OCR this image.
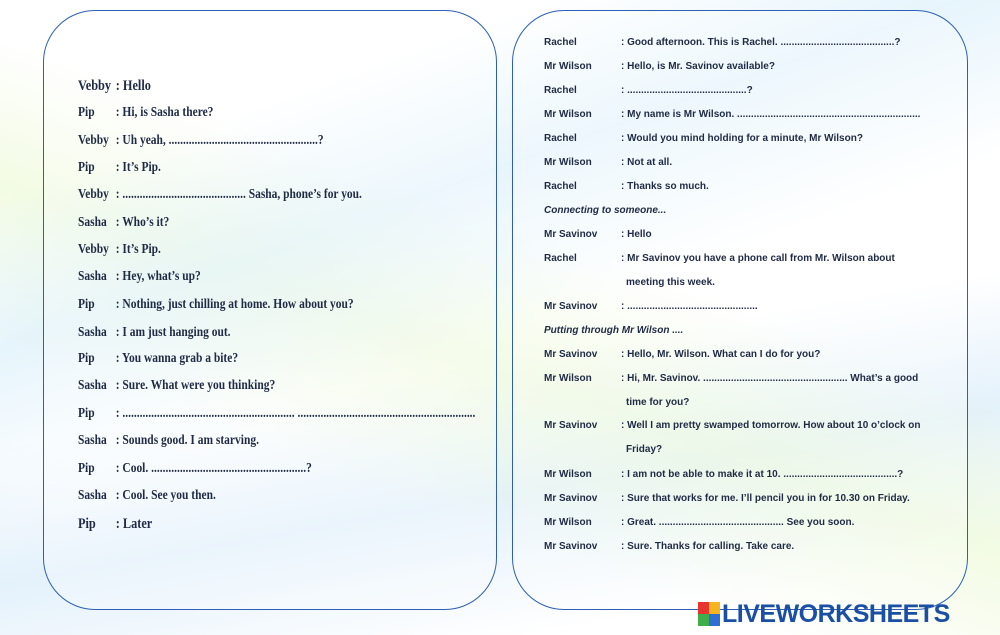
Vebby : Hello
Pip : Hi, is Sasha there?
Vebby : Uh yeah, ....................................................?
Pip : It’s Pip.
Vebby : ........................................... Sasha, phone’s for you.
Sasha : Who’s it?
Vebby : It’s Pip.
Sasha : Hey, what’s up?
Pip : Nothing, just chilling at home. How about you?
Sasha : I am just hanging out.
Pip : You wanna grab a bite?
Sasha : Sure. What were you thinking?
Pip : ............................................................ ..............................................................
Sasha : Sounds good. I am starving.
Pip : Cool. ......................................................?
Sasha : Cool. See you then.
Pip : Later
Rachel	: Good afternoon. This is Rachel. .........................................?
Mr Wilson	: Hello, is Mr. Savinov available?
Rachel	: ...........................................?
Mr Wilson	: My name is Mr Wilson. ..................................................................
Rachel	: Would you mind holding for a minute, Mr Wilson?
Mr Wilson	: Not at all.
Rachel	: Thanks so much.
Connecting to someone...
Mr Savinov : Hello
Rachel	: Mr Savinov you have a phone call from Mr. Wilson about
meeting this week.
Mr Savinov : ...............................................
Putting through Mr Wilson ....
Mr Savinov : Hello, Mr. Wilson. What can I do for you?
Mr Wilson	: Hi, Mr. Savinov. .................................................... What’s a good
time for you?
Mr Savinov : Well I am pretty swamped tomorrow. How about 10 o’clock on
Friday?
Mr Wilson	: I am not be able to make it at 10. .........................................?
Mr Savinov : Sure that works for me. I’ll pencil you in for 10.30 on Friday.
Mr Wilson	: Great. ............................................. See you soon.
Mr Savinov : Sure. Thanks for calling. Take care.
LIVEWORKSHEETS
